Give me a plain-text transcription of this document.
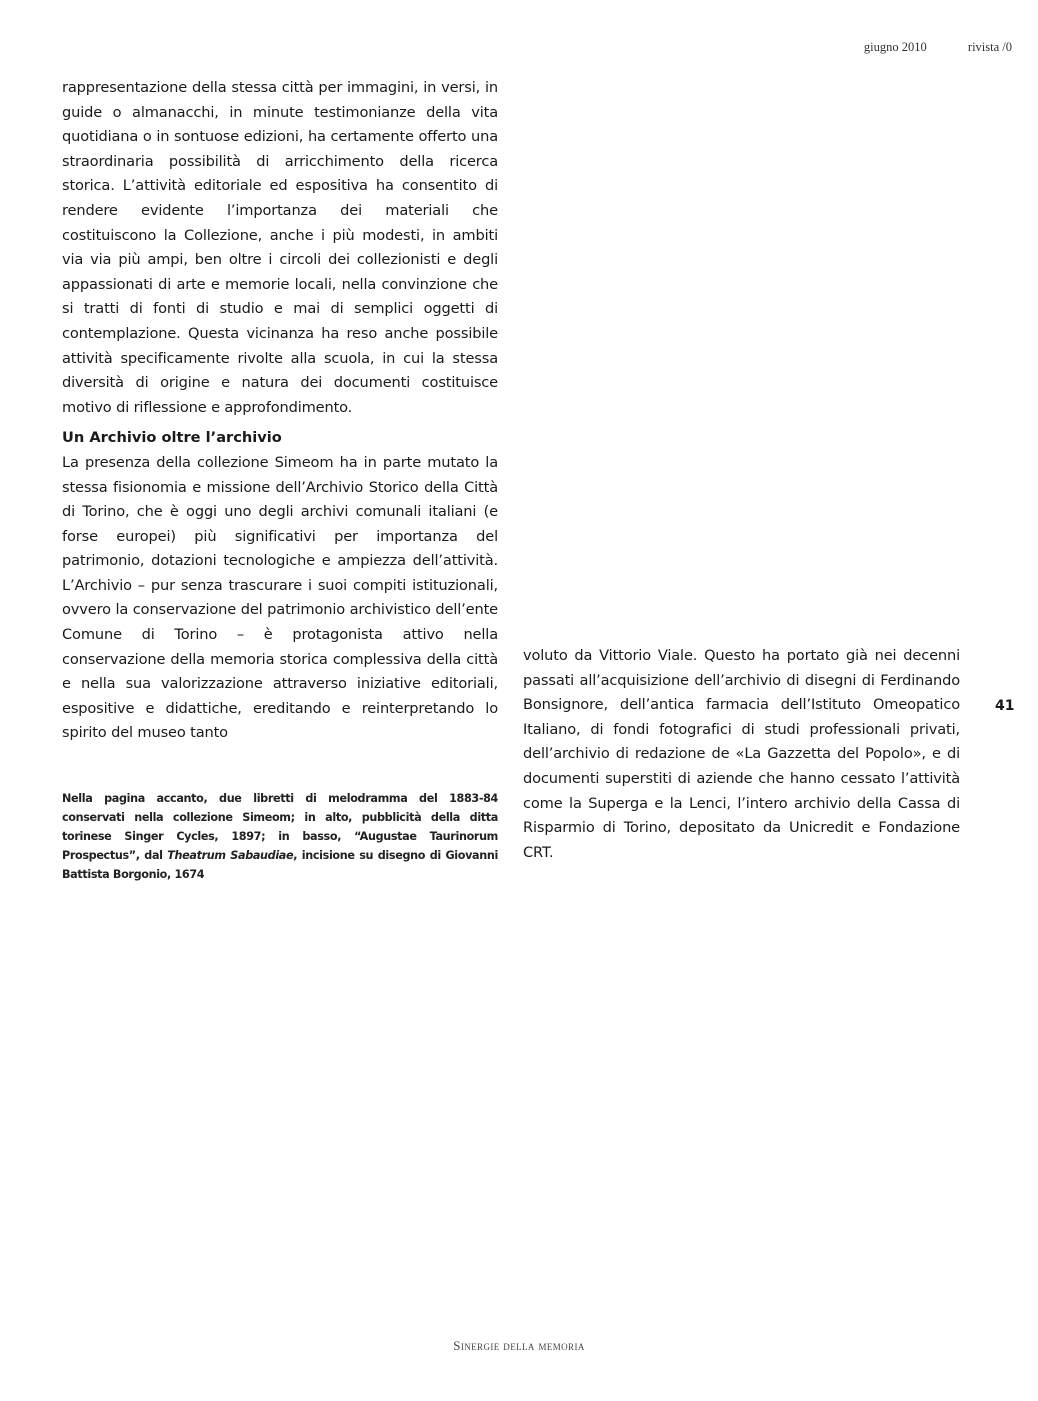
giugno 2010	rivista /0

rappresentazione della stessa città per immagini, in versi, in guide o almanacchi, in minute testimonianze della vita quotidiana o in sontuose edizioni, ha certamente offerto una straordinaria possibilità di arricchimento della ricerca storica. L’attività editoriale ed espositiva ha consentito di rendere evidente l’importanza dei materiali che costituiscono la Collezione, anche i più modesti, in ambiti via via più ampi, ben oltre i circoli dei collezionisti e degli appassionati di arte e memorie locali, nella convinzione che si tratti di fonti di studio e mai di semplici oggetti di contemplazione. Questa vicinanza ha reso anche possibile attività specificamente rivolte alla scuola, in cui la stessa diversità di origine e natura dei documenti costituisce motivo di riflessione e approfondimento.

Un Archivio oltre l’archivio

La presenza della collezione Simeom ha in parte mutato la stessa fisionomia e missione dell’Archivio Storico della Città di Torino, che è oggi uno degli archivi comunali italiani (e forse europei) più significativi per importanza del patrimonio, dotazioni tecnologiche e ampiezza dell’attività. L’Archivio – pur senza trascurare i suoi compiti istituzionali, ovvero la conservazione del patrimonio archivistico dell’ente Comune di Torino – è protagonista attivo nella conservazione della memoria storica complessiva della città e nella sua valorizzazione attraverso iniziative editoriali, espositive e didattiche, ereditando e reinterpretando lo spirito del museo tanto

Nella pagina accanto, due libretti di melodramma del 1883-84 conservati nella collezione Simeom; in alto, pubblicità della ditta torinese Singer Cycles, 1897; in basso, “Augustae Taurinorum Prospectus”, dal Theatrum Sabaudiae, incisione su disegno di Giovanni Battista Borgonio, 1674

voluto da Vittorio Viale. Questo ha portato già nei decenni passati all’acquisizione dell’archivio di disegni di Ferdinando Bonsignore, dell’antica farmacia dell’Istituto Omeopatico Italiano, di fondi fotografici di studi professionali privati, dell’archivio di redazione de «La Gazzetta del Popolo», e di documenti superstiti di aziende che hanno cessato l’attività come la Superga e la Lenci, l’intero archivio della Cassa di Risparmio di Torino, depositato da Unicredit e Fondazione CRT.

41
Sinergie della memoria
